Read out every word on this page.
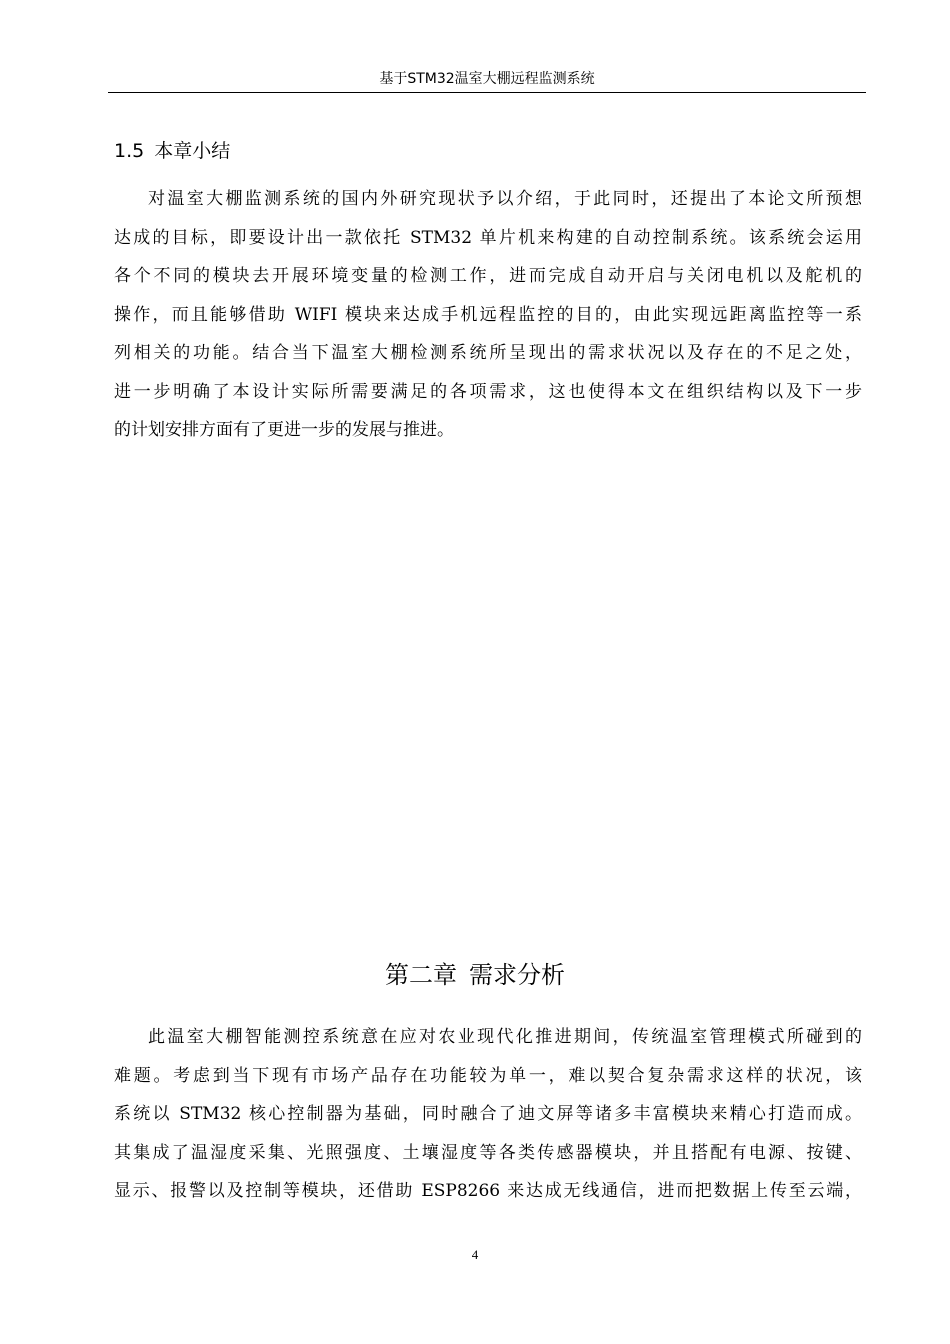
基于STM32温室大棚远程监测系统
1.5 本章小结
对温室大棚监测系统的国内外研究现状予以介绍，于此同时，还提出了本论文所预想
达成的目标，即要设计出一款依托 STM32 单片机来构建的自动控制系统。该系统会运用
各个不同的模块去开展环境变量的检测工作，进而完成自动开启与关闭电机以及舵机的
操作，而且能够借助 WIFI 模块来达成手机远程监控的目的，由此实现远距离监控等一系
列相关的功能。结合当下温室大棚检测系统所呈现出的需求状况以及存在的不足之处，
进一步明确了本设计实际所需要满足的各项需求，这也使得本文在组织结构以及下一步
的计划安排方面有了更进一步的发展与推进。
第二章 需求分析
此温室大棚智能测控系统意在应对农业现代化推进期间，传统温室管理模式所碰到的
难题。考虑到当下现有市场产品存在功能较为单一，难以契合复杂需求这样的状况，该
系统以 STM32 核心控制器为基础，同时融合了迪文屏等诸多丰富模块来精心打造而成。
其集成了温湿度采集、光照强度、土壤湿度等各类传感器模块，并且搭配有电源、按键、
显示、报警以及控制等模块，还借助 ESP8266 来达成无线通信，进而把数据上传至云端，
4
